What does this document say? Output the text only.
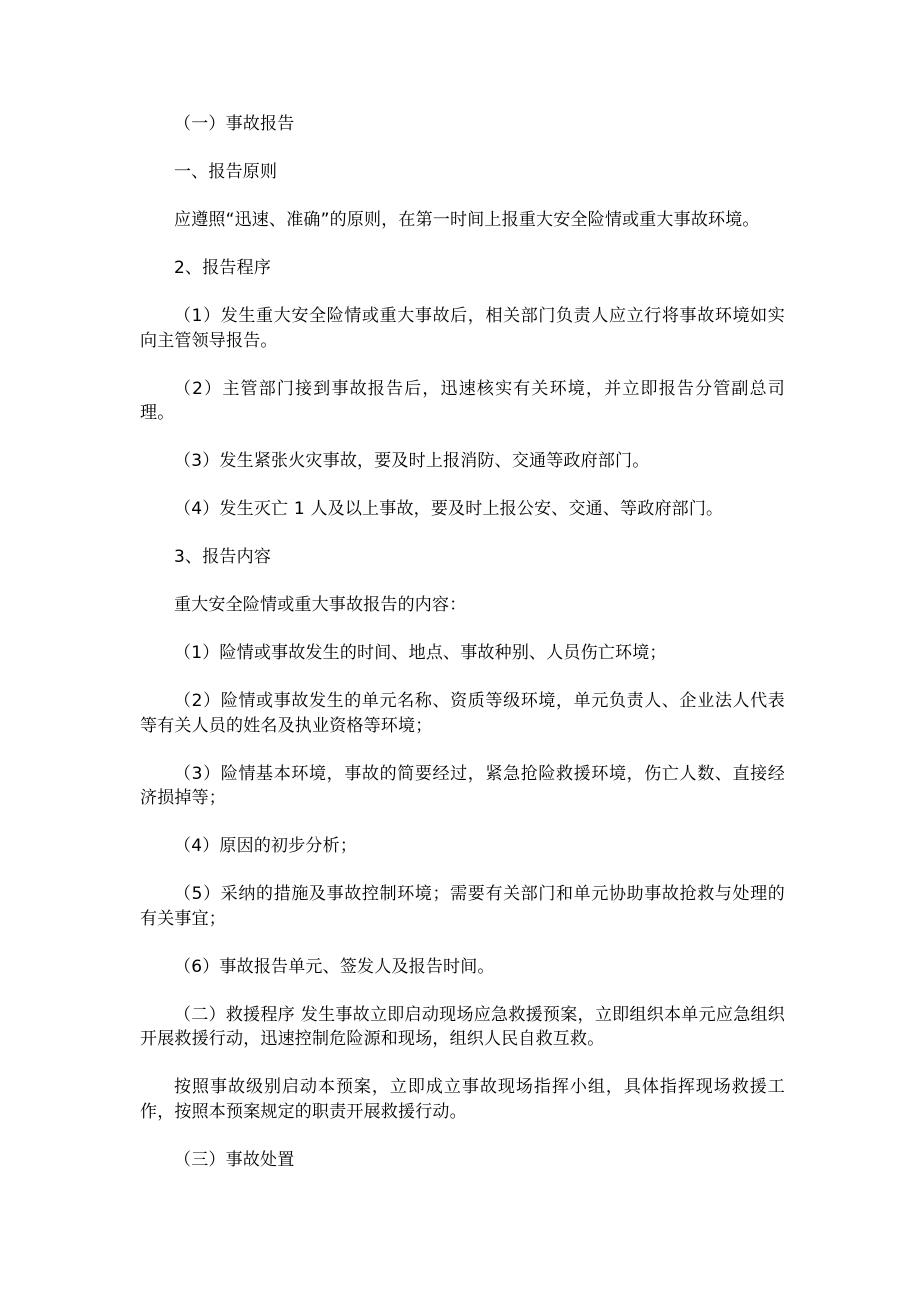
（一）事故报告

一、报告原则

应遵照“迅速、准确”的原则，在第一时间上报重大安全险情或重大事故环境。

2、报告程序

（1）发生重大安全险情或重大事故后，相关部门负责人应立行将事故环境如实向主管领导报告。

（2）主管部门接到事故报告后，迅速核实有关环境，并立即报告分管副总司理。

（3）发生紧张火灾事故，要及时上报消防、交通等政府部门。

（4）发生灭亡 1 人及以上事故，要及时上报公安、交通、等政府部门。

3、报告内容

重大安全险情或重大事故报告的内容：

（1）险情或事故发生的时间、地点、事故种别、人员伤亡环境；

（2）险情或事故发生的单元名称、资质等级环境，单元负责人、企业法人代表等有关人员的姓名及执业资格等环境；

（3）险情基本环境，事故的简要经过，紧急抢险救援环境，伤亡人数、直接经济损掉等；

（4）原因的初步分析；

（5）采纳的措施及事故控制环境；需要有关部门和单元协助事故抢救与处理的有关事宜；

（6）事故报告单元、签发人及报告时间。

（二）救援程序 发生事故立即启动现场应急救援预案，立即组织本单元应急组织开展救援行动，迅速控制危险源和现场，组织人民自救互救。

按照事故级别启动本预案，立即成立事故现场指挥小组，具体指挥现场救援工作，按照本预案规定的职责开展救援行动。

（三）事故处置
